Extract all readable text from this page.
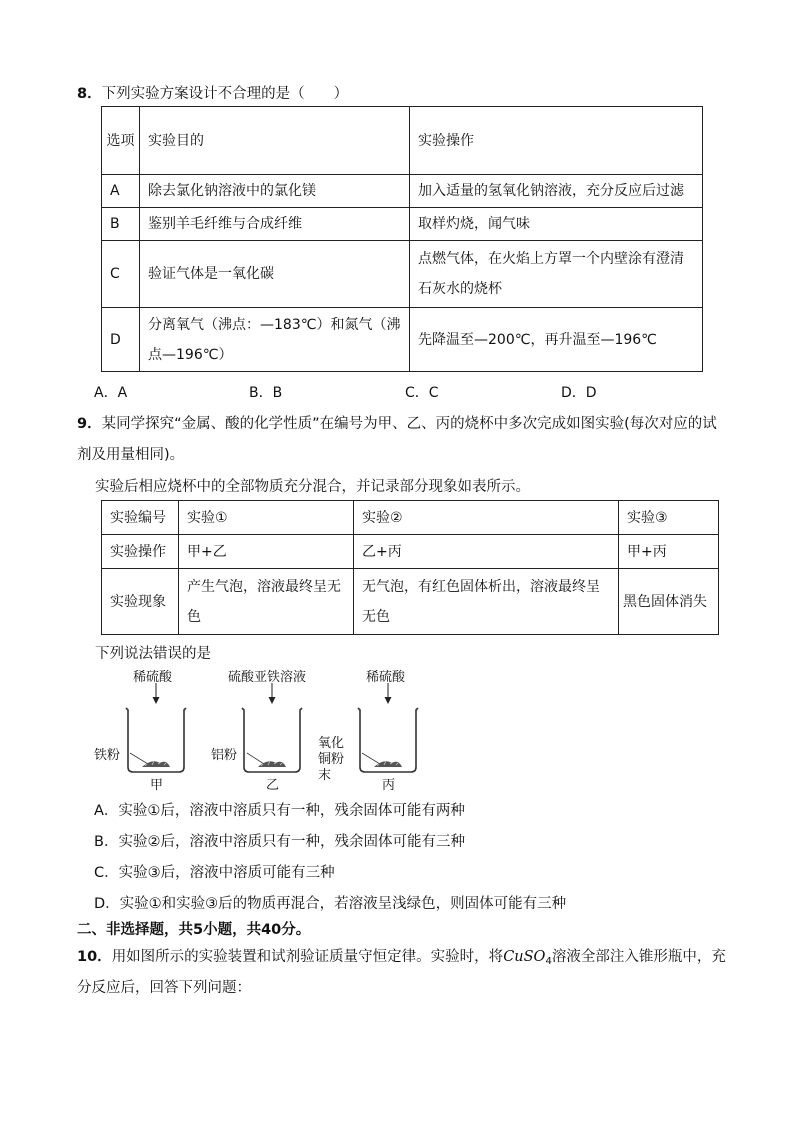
8．下列实验方案设计不合理的是（　　）
选项	实验目的	实验操作
A	除去氯化钠溶液中的氯化镁	加入适量的氢氧化钠溶液，充分反应后过滤
B	鉴别羊毛纤维与合成纤维	取样灼烧，闻气味
C	验证气体是一氧化碳	点燃气体，在火焰上方罩一个内壁涂有澄清石灰水的烧杯
D	分离氧气（沸点：—183℃）和氮气（沸点—196℃）	先降温至—200℃，再升温至—196℃
A．A	B．B	C．C	D．D
9．某同学探究“金属、酸的化学性质”在编号为甲、乙、丙的烧杯中多次完成如图实验(每次对应的试
剂及用量相同)。
实验后相应烧杯中的全部物质充分混合，并记录部分现象如表所示。
实验编号	实验①	实验②	实验③
实验操作	甲+乙	乙+丙	甲+丙
实验现象	产生气泡，溶液最终呈无色	无气泡，有红色固体析出，溶液最终呈无色	黑色固体消失
下列说法错误的是
稀硫酸	硫酸亚铁溶液	稀硫酸
铁粉	铝粉
氧化铜粉末
甲	乙	丙
A．实验①后，溶液中溶质只有一种，残余固体可能有两种
B．实验②后，溶液中溶质只有一种，残余固体可能有三种
C．实验③后，溶液中溶质可能有三种
D．实验①和实验③后的物质再混合，若溶液呈浅绿色，则固体可能有三种
二、非选择题，共5小题，共40分。
10．用如图所示的实验装置和试剂验证质量守恒定律。实验时，将CuSO$_4$溶液全部注入锥形瓶中，充
分反应后，回答下列问题：
